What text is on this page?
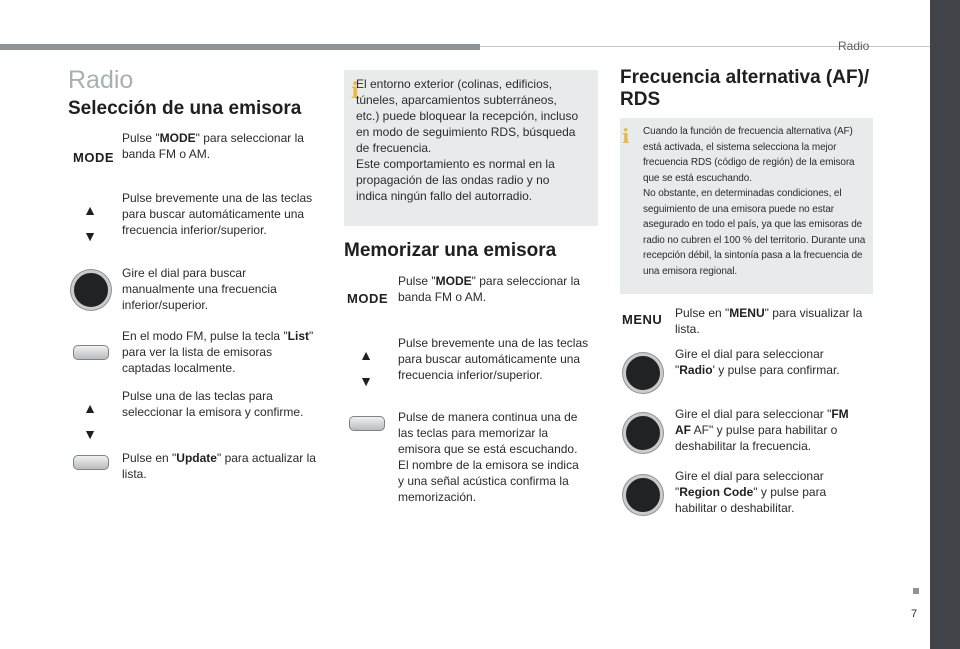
Radio
7
Radio
Selección de una emisora
MODE
Pulse "MODE" para seleccionar la banda FM o AM.
▲
▼
Pulse brevemente una de las teclas para buscar automáticamente una frecuencia inferior/superior.
Gire el dial para buscar manualmente una frecuencia inferior/superior.
En el modo FM, pulse la tecla "List" para ver la lista de emisoras captadas localmente.
▲
▼
Pulse una de las teclas para seleccionar la emisora y confirme.
Pulse en "Update" para actualizar la lista.
i
El entorno exterior (colinas, edificios, túneles, aparcamientos subterráneos, etc.) puede bloquear la recepción, incluso en modo de seguimiento RDS, búsqueda de frecuencia.
Este comportamiento es normal en la propagación de las ondas radio y no indica ningún fallo del autorradio.
Memorizar una emisora
MODE
Pulse "MODE" para seleccionar la banda FM o AM.
▲
▼
Pulse brevemente una de las teclas para buscar automáticamente una frecuencia inferior/superior.
Pulse de manera continua una de las teclas para memorizar la emisora que se está escuchando.
El nombre de la emisora se indica y una señal acústica confirma la memorización.
Frecuencia alternativa (AF)/ RDS
i Cuando la función de frecuencia alternativa (AF) está activada, el sistema selecciona la mejor frecuencia RDS (código de región) de la emisora que se está escuchando.
No obstante, en determinadas condiciones, el seguimiento de una emisora puede no estar asegurado en todo el país, ya que las emisoras de radio no cubren el 100 % del territorio. Durante una recepción débil, la sintonía pasa a la frecuencia de una emisora regional.
MENU Pulse en "MENU" para visualizar la lista.
Gire el dial para seleccionar "Radio' y pulse para confirmar.
Gire el dial para seleccionar "FM AF AF" y pulse para habilitar o deshabilitar la frecuencia.
Gire el dial para seleccionar "Region Code" y pulse para habilitar o deshabilitar.
